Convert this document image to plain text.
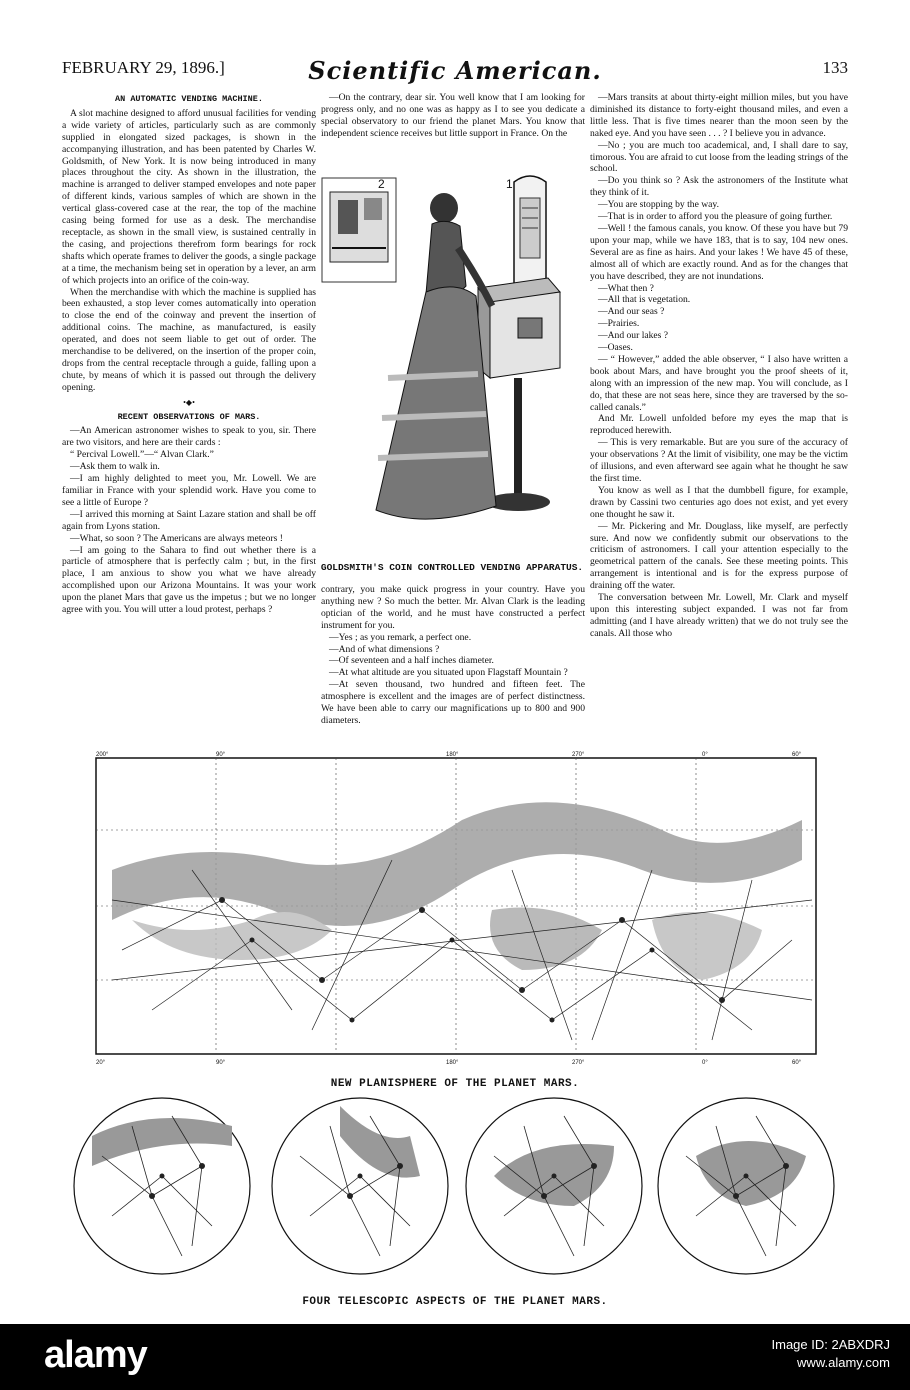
FEBRUARY 29, 1896.]	Scientific American.	133

AN AUTOMATIC VENDING MACHINE.

A slot machine designed to afford unusual facilities for vending a wide variety of articles, particularly such as are commonly supplied in elongated sized packages, is shown in the accompanying illustration, and has been patented by Charles W. Goldsmith, of New York. It is now being introduced in many places throughout the city. As shown in the illustration, the machine is arranged to deliver stamped envelopes and note paper of different kinds, various samples of which are shown in the vertical glass-covered case at the rear, the top of the machine casing being formed for use as a desk. The merchandise receptacle, as shown in the small view, is sustained centrally in the casing, and projections therefrom form bearings for rock shafts which operate frames to deliver the goods, a single package at a time, the mechanism being set in operation by a lever, an arm of which projects into an orifice of the coin-way.

When the merchandise with which the machine is supplied has been exhausted, a stop lever comes automatically into operation to close the end of the coinway and prevent the insertion of additional coins. The machine, as manufactured, is easily operated, and does not seem liable to get out of order. The merchandise to be delivered, on the insertion of the proper coin, drops from the central receptacle through a guide, falling upon a chute, by means of which it is passed out through the delivery opening.

•◆•

RECENT OBSERVATIONS OF MARS.

—An American astronomer wishes to speak to you, sir. There are two visitors, and here are their cards :

“ Percival Lowell.”—“ Alvan Clark.”

—Ask them to walk in.

—I am highly delighted to meet you, Mr. Lowell. We are familiar in France with your splendid work. Have you come to see a little of Europe ?

—I arrived this morning at Saint Lazare station and shall be off again from Lyons station.

—What, so soon ? The Americans are always meteors !

—I am going to the Sahara to find out whether there is a particle of atmosphere that is perfectly calm ; but, in the first place, I am anxious to show you what we have already accomplished upon our Arizona Mountains. It was your work upon the planet Mars that gave us the impetus ; but we no longer agree with you. You will utter a loud protest, perhaps ?

—On the contrary, dear sir. You well know that I am looking for progress only, and no one was as happy as I to see you dedicate a special observatory to our friend the planet Mars. You know that independent science receives but little support in France. On the

2	1
GOLDSMITH'S COIN CONTROLLED VENDING APPARATUS.

contrary, you make quick progress in your country. Have you anything new ? So much the better. Mr. Alvan Clark is the leading optician of the world, and he must have constructed a perfect instrument for you.

—Yes ; as you remark, a perfect one.

—And of what dimensions ?

—Of seventeen and a half inches diameter.

—At what altitude are you situated upon Flagstaff Mountain ?

—At seven thousand, two hundred and fifteen feet. The atmosphere is excellent and the images are of perfect distinctness. We have been able to carry our magnifications up to 800 and 900 diameters.

—Mars transits at about thirty-eight million miles, but you have diminished its distance to forty-eight thousand miles, and even a little less. That is five times nearer than the moon seen by the naked eye. And you have seen . . . ? I believe you in advance.

—No ; you are much too academical, and, I shall dare to say, timorous. You are afraid to cut loose from the leading strings of the school.

—Do you think so ? Ask the astronomers of the Institute what they think of it.

—You are stopping by the way.

—That is in order to afford you the pleasure of going further.

—Well ! the famous canals, you know. Of these you have but 79 upon your map, while we have 183, that is to say, 104 new ones. Several are as fine as hairs. And your lakes ! We have 45 of these, almost all of which are exactly round. And as for the changes that you have described, they are not inundations.

—What then ?

—All that is vegetation.

—And our seas ?

—Prairies.

—And our lakes ?

—Oases.

— “ However,” added the able observer, “ I also have written a book about Mars, and have brought you the proof sheets of it, along with an impression of the new map. You will conclude, as I do, that these are not seas here, since they are traversed by the so-called canals.”

And Mr. Lowell unfolded before my eyes the map that is reproduced herewith.

— This is very remarkable. But are you sure of the accuracy of your observations ? At the limit of visibility, one may be the victim of illusions, and even afterward see again what he thought he saw the first time.

You know as well as I that the dumbbell figure, for example, drawn by Cassini two centuries ago does not exist, and yet every one thought he saw it.

— Mr. Pickering and Mr. Douglass, like myself, are perfectly sure. And now we confidently submit our observations to the criticism of astronomers. I call your attention especially to the geometrical pattern of the canals. See these meeting points. This arrangement is intentional and is for the express purpose of draining off the water.

The conversation between Mr. Lowell, Mr. Clark and myself upon this interesting subject expanded. I was not far from admitting (and I have already written) that we do not truly see the canals. All those who

200°	90°	180°	270°	0°	60°
20°	90°	180°	270°	0°	60°
NEW PLANISPHERE OF THE PLANET MARS.
FOUR TELESCOPIC ASPECTS OF THE PLANET MARS.
alamy	Image ID: 2ABXDRJ
www.alamy.com
